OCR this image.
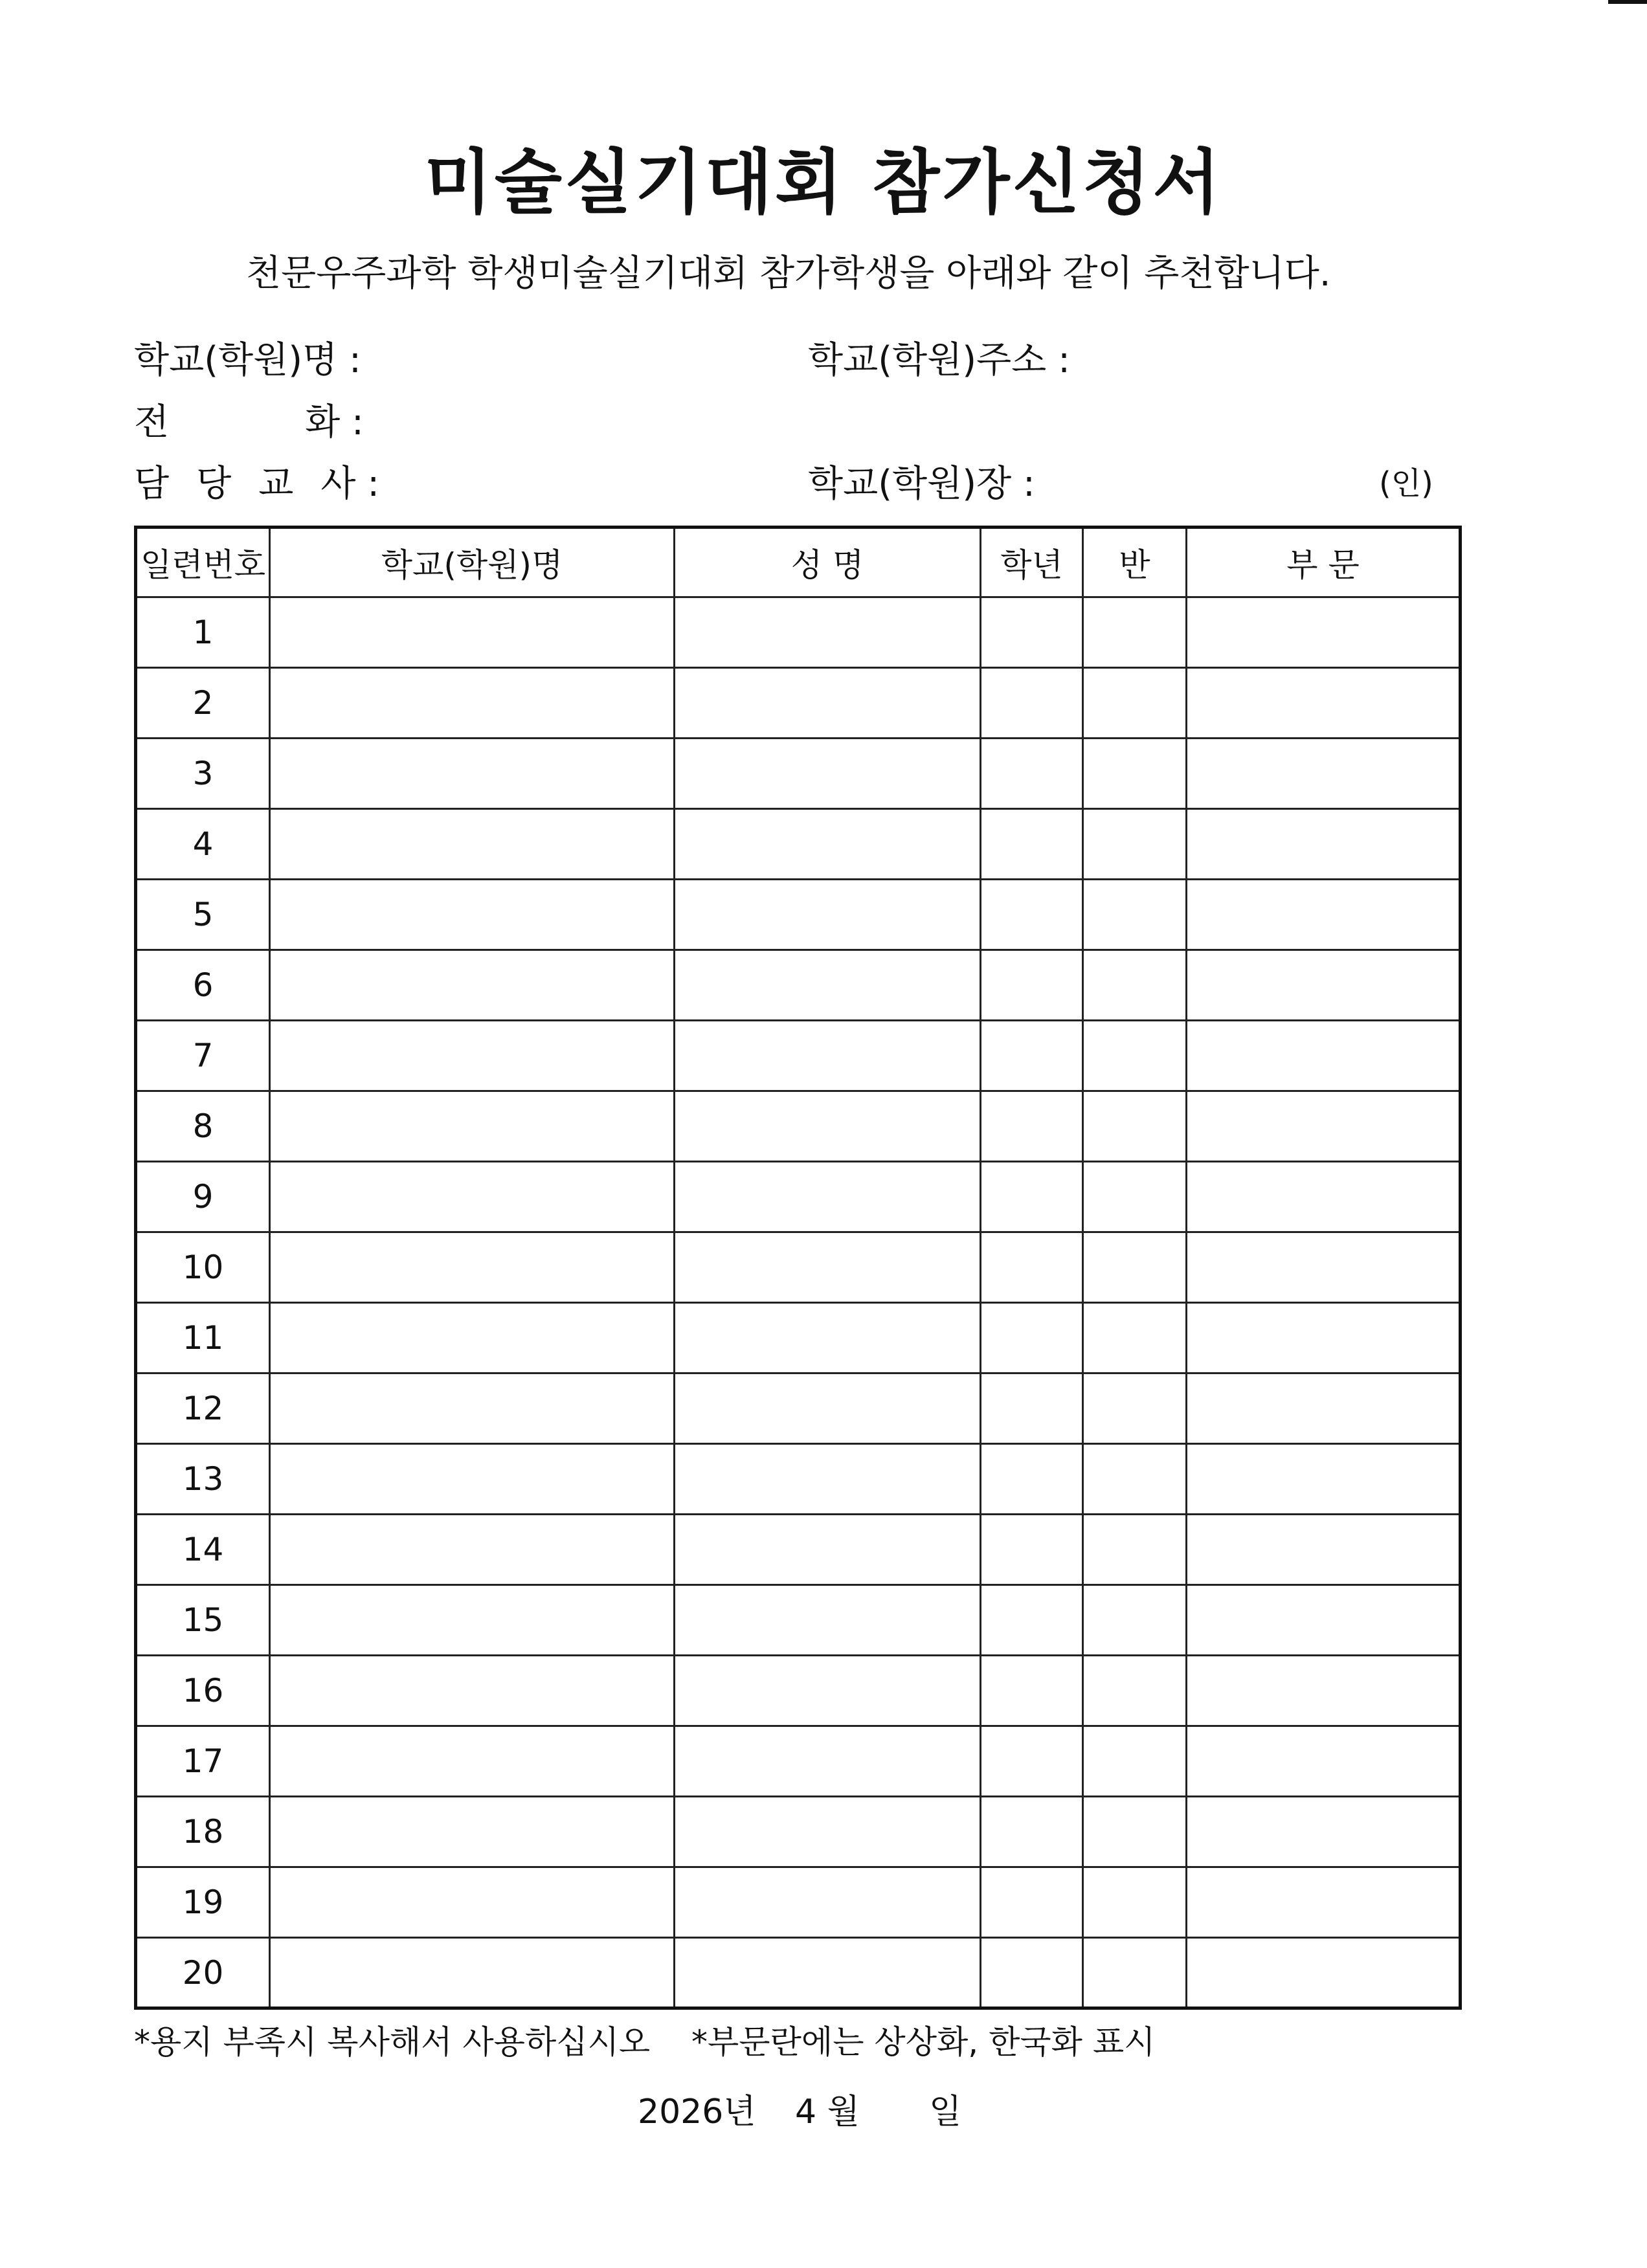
미술실기대회 참가신청서
천문우주과학 학생미술실기대회 참가학생을 아래와 같이 추천합니다.
학교(학원)명 :	학교(학원)주소 :
전	화 :
담 당 교 사 :	학교(학원)장 :	(인)
일련번호	학교(학원)명	성 명	학년	반	부 문
1					
2					
3					
4					
5					
6					
7					
8					
9					
10					
11					
12					
13					
14					
15					
16					
17					
18					
19					
20					
*용지 부족시 복사해서 사용하십시오 *부문란에는 상상화, 한국화 표시
2026년 4 월 일
